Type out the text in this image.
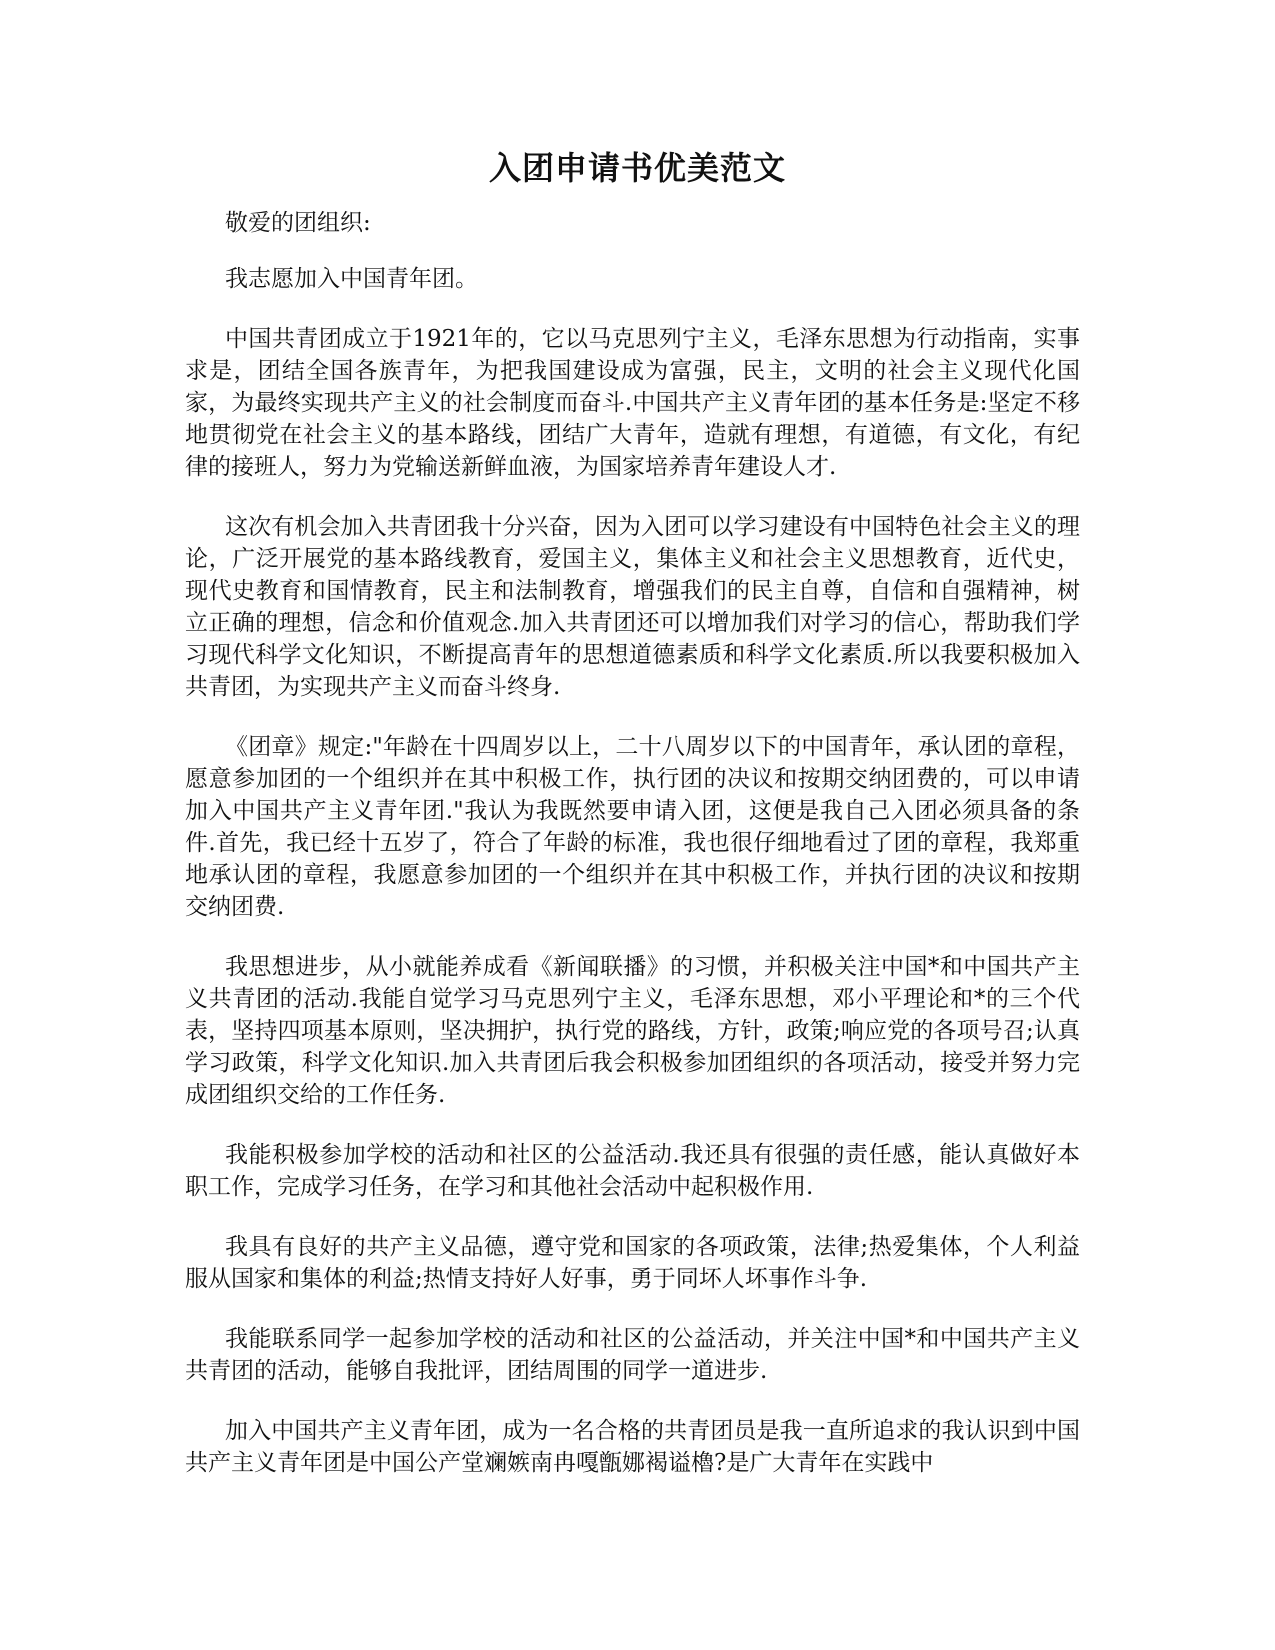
入团申请书优美范文

敬爱的团组织:

我志愿加入中国青年团。

中国共青团成立于1921年的，它以马克思列宁主义，毛泽东思想为行动指南，实事求是，团结全国各族青年，为把我国建设成为富强，民主，文明的社会主义现代化国家，为最终实现共产主义的社会制度而奋斗.中国共产主义青年团的基本任务是:坚定不移地贯彻党在社会主义的基本路线，团结广大青年，造就有理想，有道德，有文化，有纪律的接班人，努力为党输送新鲜血液，为国家培养青年建设人才.

这次有机会加入共青团我十分兴奋，因为入团可以学习建设有中国特色社会主义的理论，广泛开展党的基本路线教育，爱国主义，集体主义和社会主义思想教育，近代史，现代史教育和国情教育，民主和法制教育，增强我们的民主自尊，自信和自强精神，树立正确的理想，信念和价值观念.加入共青团还可以增加我们对学习的信心，帮助我们学习现代科学文化知识，不断提高青年的思想道德素质和科学文化素质.所以我要积极加入共青团，为实现共产主义而奋斗终身.

《团章》规定:"年龄在十四周岁以上，二十八周岁以下的中国青年，承认团的章程，愿意参加团的一个组织并在其中积极工作，执行团的决议和按期交纳团费的，可以申请加入中国共产主义青年团."我认为我既然要申请入团，这便是我自己入团必须具备的条件.首先，我已经十五岁了，符合了年龄的标准，我也很仔细地看过了团的章程，我郑重地承认团的章程，我愿意参加团的一个组织并在其中积极工作，并执行团的决议和按期交纳团费.

我思想进步，从小就能养成看《新闻联播》的习惯，并积极关注中国*和中国共产主义共青团的活动.我能自觉学习马克思列宁主义，毛泽东思想，邓小平理论和*的三个代表，坚持四项基本原则，坚决拥护，执行党的路线，方针，政策;响应党的各项号召;认真学习政策，科学文化知识.加入共青团后我会积极参加团组织的各项活动，接受并努力完成团组织交给的工作任务.

我能积极参加学校的活动和社区的公益活动.我还具有很强的责任感，能认真做好本职工作，完成学习任务，在学习和其他社会活动中起积极作用.

我具有良好的共产主义品德，遵守党和国家的各项政策，法律;热爱集体，个人利益服从国家和集体的利益;热情支持好人好事，勇于同坏人坏事作斗争.

我能联系同学一起参加学校的活动和社区的公益活动，并关注中国*和中国共产主义共青团的活动，能够自我批评，团结周围的同学一道进步.

加入中国共产主义青年团，成为一名合格的共青团员是我一直所追求的我认识到中国共产主义青年团是中国公产堂斓嫉南冉嘎甑娜褐谥櫓?是广大青年在实践中
